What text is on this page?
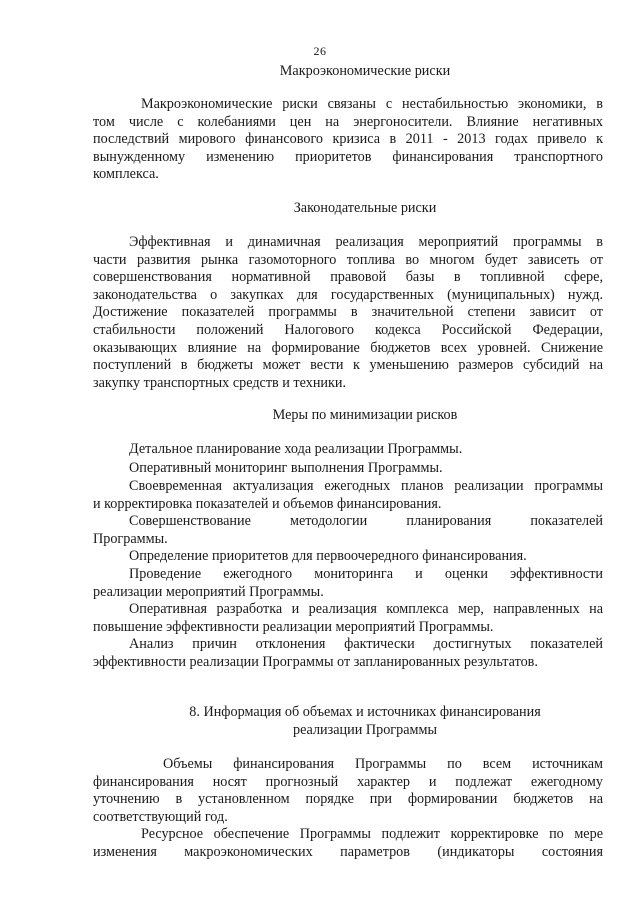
26
Макроэкономические риски
Макроэкономические риски связаны с нестабильностью экономики, в
том числе с колебаниями цен на энергоносители. Влияние негативных
последствий мирового финансового кризиса в 2011 - 2013 годах привело к
вынужденному изменению приоритетов финансирования транспортного
комплекса.
Законодательные риски
Эффективная и динамичная реализация мероприятий программы в
части развития рынка газомоторного топлива во многом будет зависеть от
совершенствования нормативной правовой базы в топливной сфере,
законодательства о закупках для государственных (муниципальных) нужд.
Достижение показателей программы в значительной степени зависит от
стабильности положений Налогового кодекса Российской Федерации,
оказывающих влияние на формирование бюджетов всех уровней. Снижение
поступлений в бюджеты может вести к уменьшению размеров субсидий на
закупку транспортных средств и техники.
Меры по минимизации рисков
Детальное планирование хода реализации Программы.
Оперативный мониторинг выполнения Программы.
Своевременная актуализация ежегодных планов реализации программы
и корректировка показателей и объемов финансирования.
Совершенствование методологии планирования показателей
Программы.
Определение приоритетов для первоочередного финансирования.
Проведение ежегодного мониторинга и оценки эффективности
реализации мероприятий Программы.
Оперативная разработка и реализация комплекса мер, направленных на
повышение эффективности реализации мероприятий Программы.
Анализ причин отклонения фактически достигнутых показателей
эффективности реализации Программы от запланированных результатов.
8. Информация об объемах и источниках финансирования
реализации Программы
Объемы финансирования Программы по всем источникам
финансирования носят прогнозный характер и подлежат ежегодному
уточнению в установленном порядке при формировании бюджетов на
соответствующий год.
Ресурсное обеспечение Программы подлежит корректировке по мере
изменения макроэкономических параметров (индикаторы состояния
